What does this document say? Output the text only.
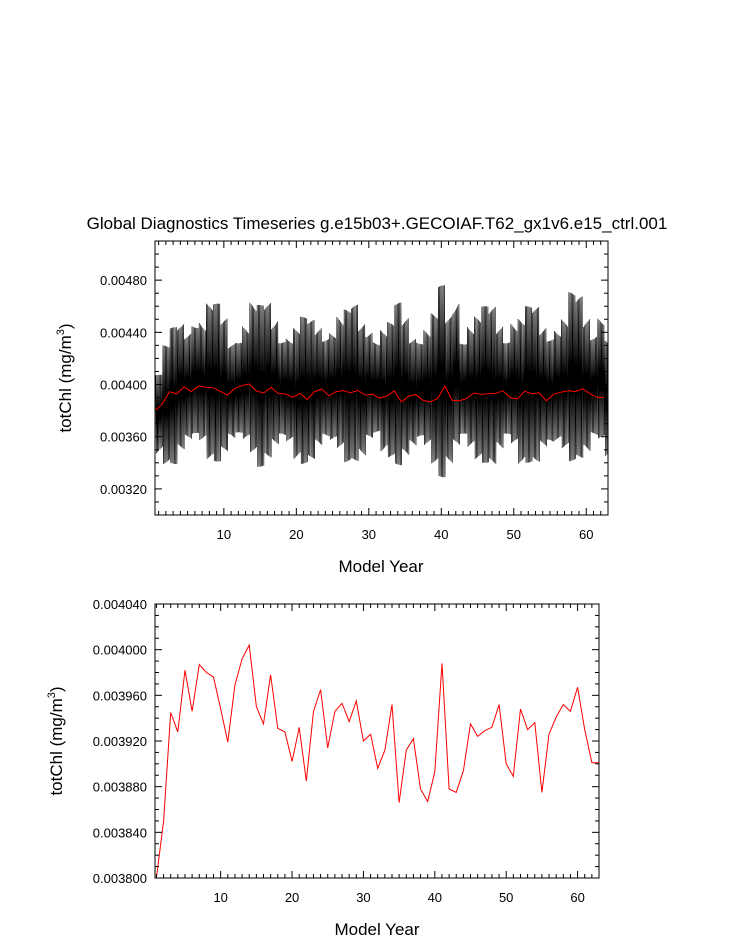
Global Diagnostics Timeseries g.e15b03+.GECOIAF.T62_gx1v6.e15_ctrl.001
10	20	30	40	50	60
0.00320
0.00360
0.00400
0.00440
0.00480
Model Year
totChl $(mg/m^3)$
10	20	30	40	50	60
0.003800
0.003840
0.003880
0.003920
0.003960
0.004000
0.004040
Model Year
totChl $(mg/m^3)$
